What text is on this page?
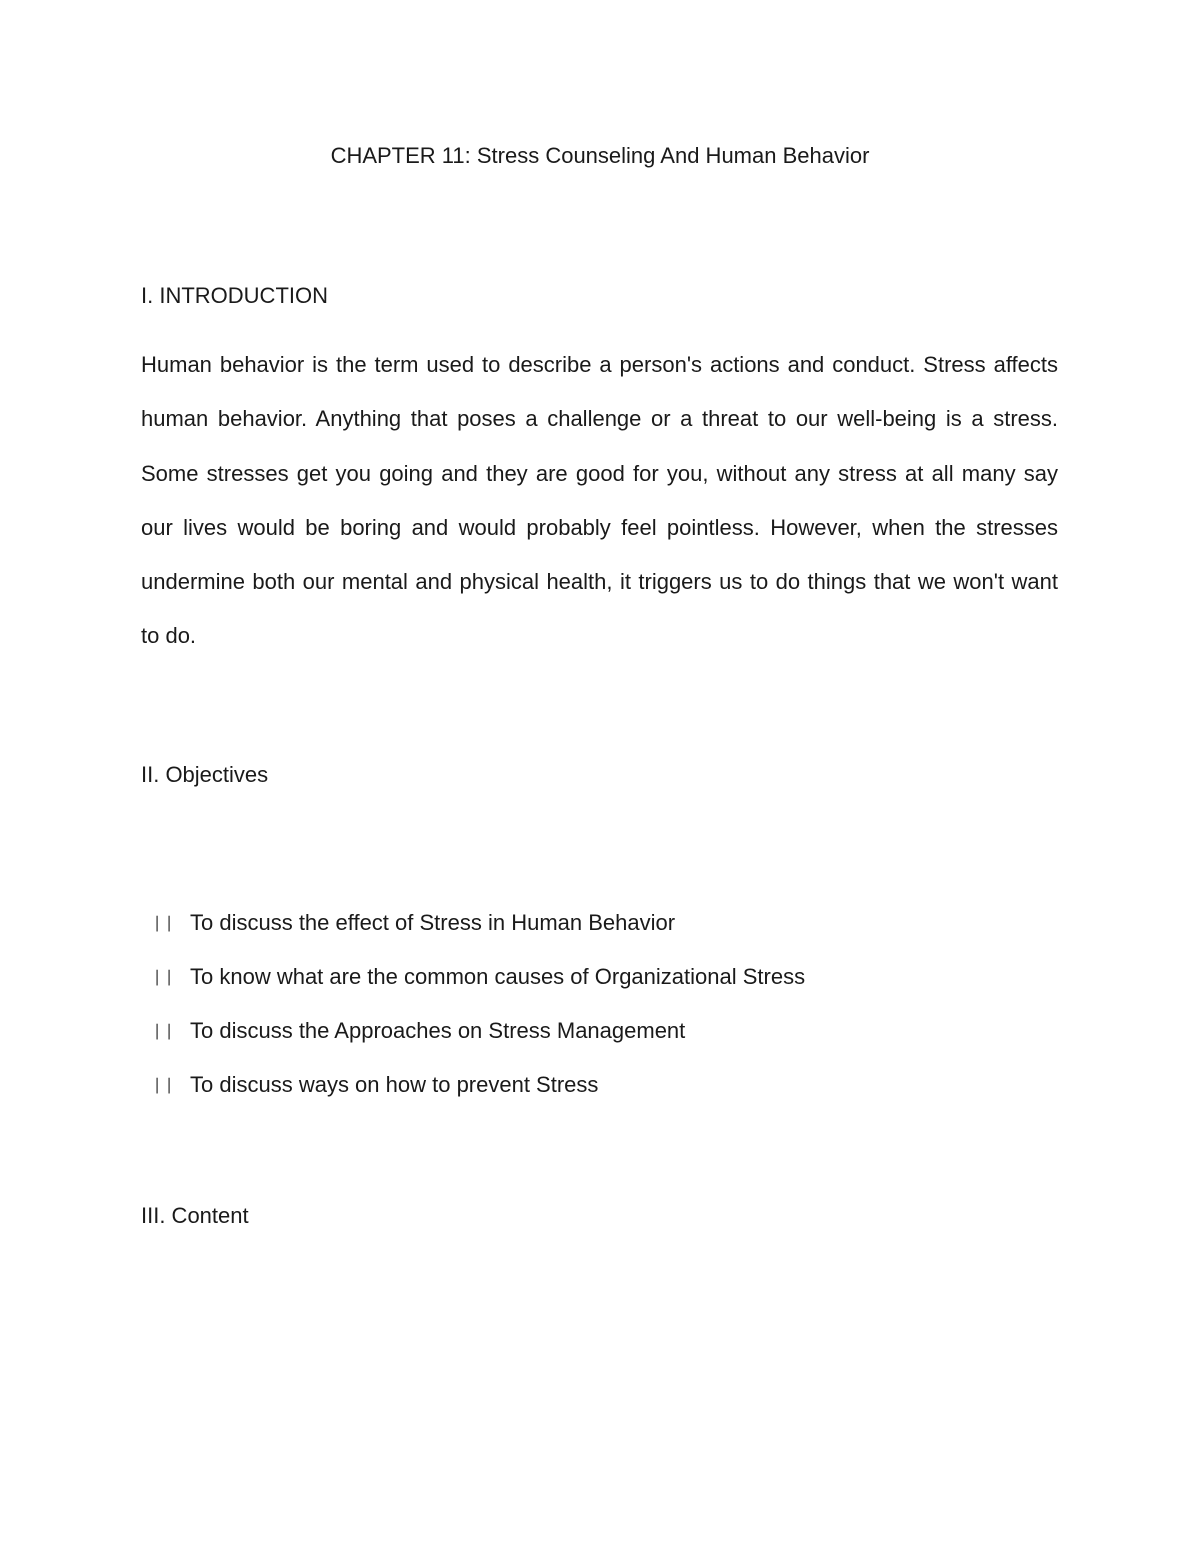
CHAPTER 11: Stress Counseling And Human Behavior
I. INTRODUCTION

Human behavior is the term used to describe a person's actions and conduct. Stress affects human behavior. Anything that poses a challenge or a threat to our well-being is a stress. Some stresses get you going and they are good for you, without any stress at all many say our lives would be boring and would probably feel pointless. However, when the stresses undermine both our mental and physical health, it triggers us to do things that we won't want to do.

II. Objectives
∣∣ To discuss the effect of Stress in Human Behavior
∣∣ To know what are the common causes of Organizational Stress
∣∣ To discuss the Approaches on Stress Management
∣∣ To discuss ways on how to prevent Stress
III. Content
